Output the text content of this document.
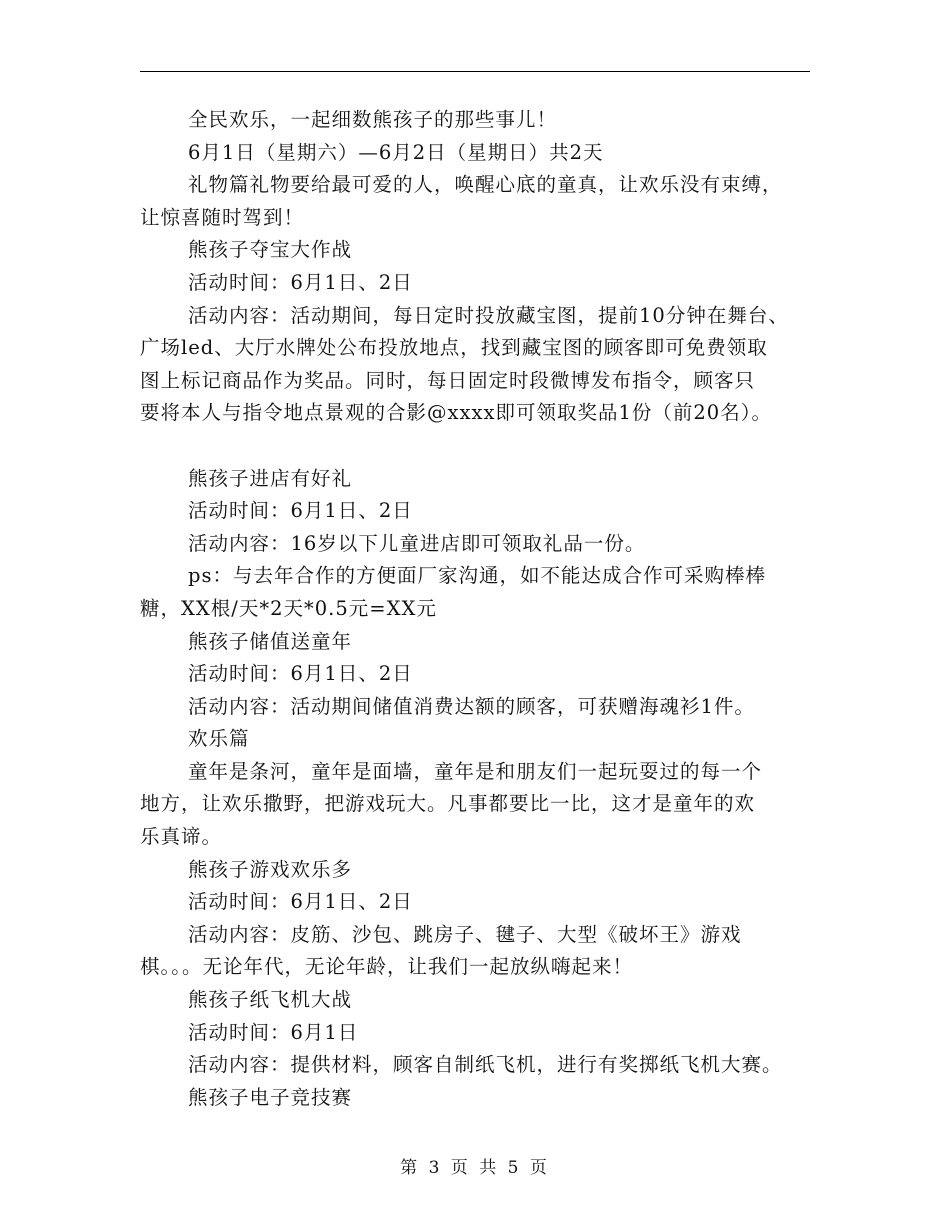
全民欢乐，一起细数熊孩子的那些事儿！

6月1日（星期六）—6月2日（星期日）共2天

礼物篇礼物要给最可爱的人，唤醒心底的童真，让欢乐没有束缚，

让惊喜随时驾到！

熊孩子夺宝大作战

活动时间：6月1日、2日

活动内容：活动期间，每日定时投放藏宝图，提前10分钟在舞台、

广场led、大厅水牌处公布投放地点，找到藏宝图的顾客即可免费领取

图上标记商品作为奖品。同时，每日固定时段微博发布指令，顾客只

要将本人与指令地点景观的合影@xxxx即可领取奖品1份（前20名）。

熊孩子进店有好礼

活动时间：6月1日、2日

活动内容：16岁以下儿童进店即可领取礼品一份。

ps：与去年合作的方便面厂家沟通，如不能达成合作可采购棒棒

糖，XX根/天*2天*0.5元=XX元

熊孩子储值送童年

活动时间：6月1日、2日

活动内容：活动期间储值消费达额的顾客，可获赠海魂衫1件。

欢乐篇

童年是条河，童年是面墙，童年是和朋友们一起玩耍过的每一个

地方，让欢乐撒野，把游戏玩大。凡事都要比一比，这才是童年的欢

乐真谛。

熊孩子游戏欢乐多

活动时间：6月1日、2日

活动内容：皮筋、沙包、跳房子、毽子、大型《破坏王》游戏

棋。。。无论年代，无论年龄，让我们一起放纵嗨起来！

熊孩子纸飞机大战

活动时间：6月1日

活动内容：提供材料，顾客自制纸飞机，进行有奖掷纸飞机大赛。

熊孩子电子竞技赛

第 3 页 共 5 页
